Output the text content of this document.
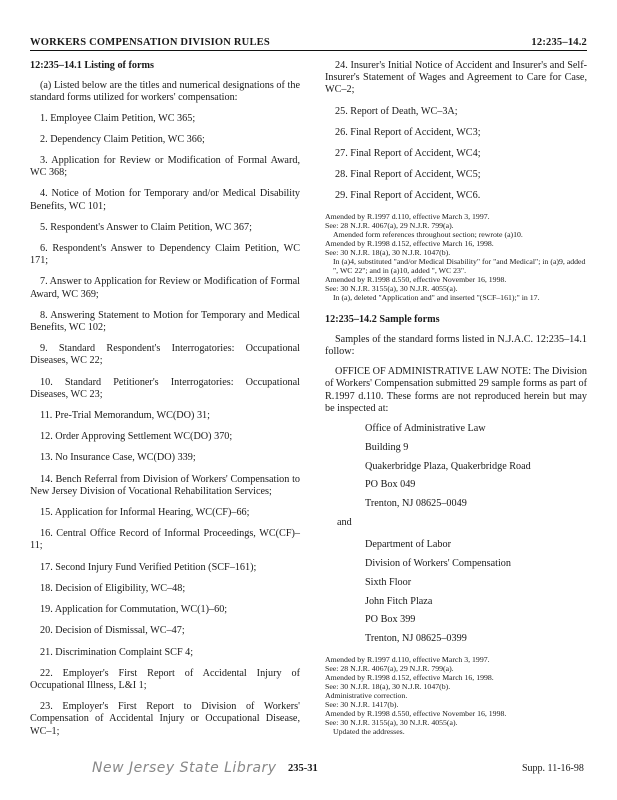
WORKERS COMPENSATION DIVISION RULES	12:235–14.2
12:235–14.1 Listing of forms
(a) Listed below are the titles and numerical designations of the standard forms utilized for workers' compensation:
1. Employee Claim Petition, WC 365;
2. Dependency Claim Petition, WC 366;
3. Application for Review or Modification of Formal Award, WC 368;
4. Notice of Motion for Temporary and/or Medical Disability Benefits, WC 101;
5. Respondent's Answer to Claim Petition, WC 367;
6. Respondent's Answer to Dependency Claim Petition, WC 171;
7. Answer to Application for Review or Modification of Formal Award, WC 369;
8. Answering Statement to Motion for Temporary and Medical Benefits, WC 102;
9. Standard Respondent's Interrogatories: Occupational Diseases, WC 22;
10. Standard Petitioner's Interrogatories: Occupational Diseases, WC 23;
11. Pre-Trial Memorandum, WC(DO) 31;
12. Order Approving Settlement WC(DO) 370;
13. No Insurance Case, WC(DO) 339;
14. Bench Referral from Division of Workers' Compensation to New Jersey Division of Vocational Rehabilitation Services;
15. Application for Informal Hearing, WC(CF)–66;
16. Central Office Record of Informal Proceedings, WC(CF)–11;
17. Second Injury Fund Verified Petition (SCF–161);
18. Decision of Eligibility, WC–48;
19. Application for Commutation, WC(1)–60;
20. Decision of Dismissal, WC–47;
21. Discrimination Complaint SCF 4;
22. Employer's First Report of Accidental Injury of Occupational Illness, L&I 1;
23. Employer's First Report to Division of Workers' Compensation of Accidental Injury or Occupational Disease, WC–1;
24. Insurer's Initial Notice of Accident and Insurer's and Self-Insurer's Statement of Wages and Agreement to Care for Case, WC–2;
25. Report of Death, WC–3A;
26. Final Report of Accident, WC3;
27. Final Report of Accident, WC4;
28. Final Report of Accident, WC5;
29. Final Report of Accident, WC6.
Amended by R.1997 d.110, effective March 3, 1997.
See: 28 N.J.R. 4067(a), 29 N.J.R. 799(a).
Amended form references throughout section; rewrote (a)10.
Amended by R.1998 d.152, effective March 16, 1998.
See: 30 N.J.R. 18(a), 30 N.J.R. 1047(b).
In (a)4, substituted "and/or Medical Disability" for "and Medical"; in (a)9, added ", WC 22"; and in (a)10, added ", WC 23".
Amended by R.1998 d.550, effective November 16, 1998.
See: 30 N.J.R. 3155(a), 30 N.J.R. 4055(a).
In (a), deleted "Application and" and inserted "(SCF–161);" in 17.
12:235–14.2 Sample forms
Samples of the standard forms listed in N.J.A.C. 12:235–14.1 follow:
OFFICE OF ADMINISTRATIVE LAW NOTE: The Division of Workers' Compensation submitted 29 sample forms as part of R.1997 d.110. These forms are not reproduced herein but may be inspected at:
Office of Administrative Law
Building 9
Quakerbridge Plaza, Quakerbridge Road
PO Box 049
Trenton, NJ 08625–0049
and
Department of Labor
Division of Workers' Compensation
Sixth Floor
John Fitch Plaza
PO Box 399
Trenton, NJ 08625–0399
Amended by R.1997 d.110, effective March 3, 1997.
See: 28 N.J.R. 4067(a), 29 N.J.R. 799(a).
Amended by R.1998 d.152, effective March 16, 1998.
See: 30 N.J.R. 18(a), 30 N.J.R. 1047(b).
Administrative correction.
See: 30 N.J.R. 1417(b).
Amended by R.1998 d.550, effective November 16, 1998.
See: 30 N.J.R. 3155(a), 30 N.J.R. 4055(a).
Updated the addresses.
New Jersey State Library 235-31	Supp. 11-16-98
